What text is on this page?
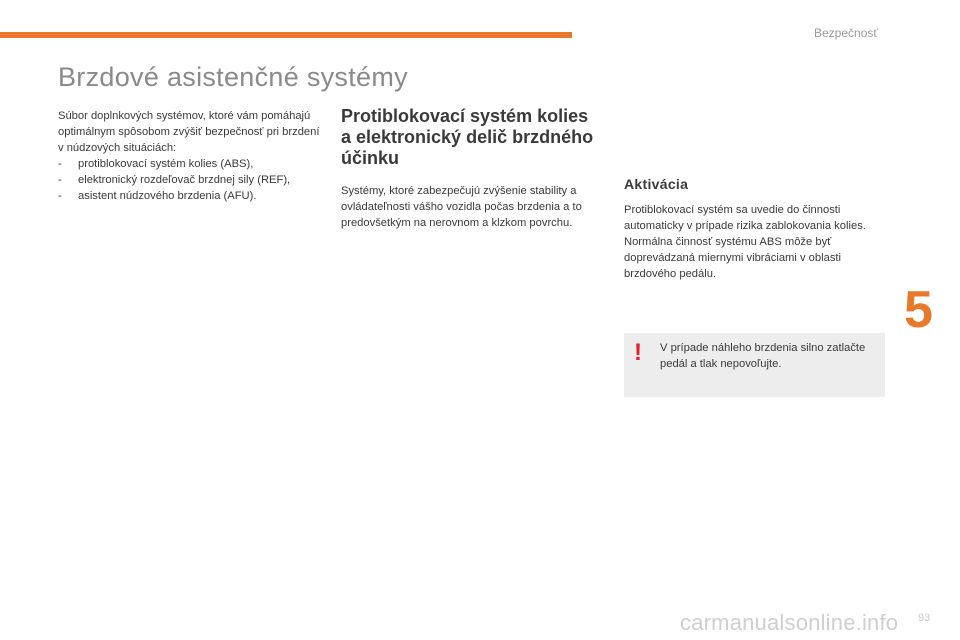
Bezpečnosť
Brzdové asistenčné systémy

Súbor doplnkových systémov, ktoré vám pomáhajú optimálnym spôsobom zvýšiť bezpečnosť pri brzdení v núdzových situáciách:

- protiblokovací systém kolies (ABS),
- elektronický rozdeľovač brzdnej sily (REF),
- asistent núdzového brzdenia (AFU).
Protiblokovací systém kolies a elektronický delič brzdného účinku

Systémy, ktoré zabezpečujú zvýšenie stability a ovládateľnosti vášho vozidla počas brzdenia a to predovšetkým na nerovnom a klzkom povrchu.

Aktivácia

Protiblokovací systém sa uvedie do činnosti automaticky v prípade rizika zablokovania kolies.

Normálna činnosť systému ABS môže byť doprevádzaná miernymi vibráciami v oblasti brzdového pedálu.

! V prípade náhleho brzdenia silno zatlačte pedál a tlak nepovoľujte.
5
carmanualsonline.info 93
